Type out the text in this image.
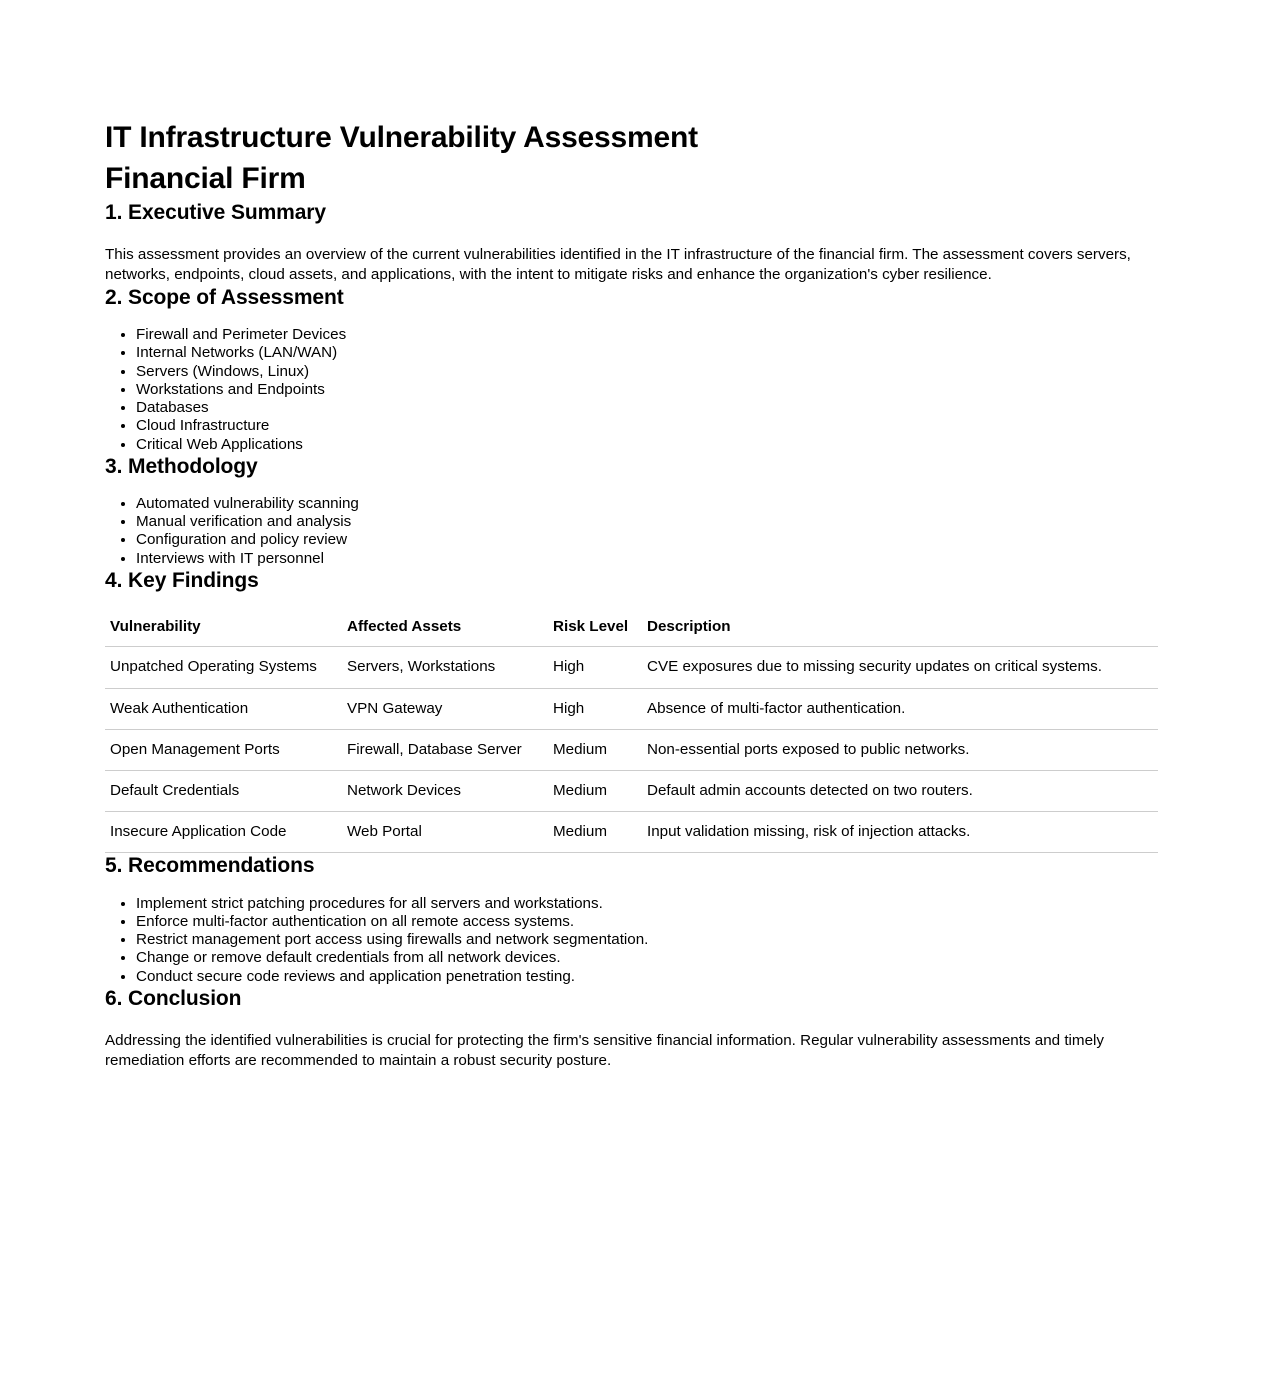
IT Infrastructure Vulnerability Assessment
Financial Firm
1. Executive Summary

This assessment provides an overview of the current vulnerabilities identified in the IT infrastructure of the financial firm. The assessment covers servers, networks, endpoints, cloud assets, and applications, with the intent to mitigate risks and enhance the organization's cyber resilience.

2. Scope of Assessment
• Firewall and Perimeter Devices
• Internal Networks (LAN/WAN)
• Servers (Windows, Linux)
• Workstations and Endpoints
• Databases
• Cloud Infrastructure
• Critical Web Applications
3. Methodology
• Automated vulnerability scanning
• Manual verification and analysis
• Configuration and policy review
• Interviews with IT personnel
4. Key Findings
Vulnerability	Affected Assets	Risk Level	Description
Unpatched Operating Systems	Servers, Workstations	High	CVE exposures due to missing security updates on critical systems.
Weak Authentication	VPN Gateway	High	Absence of multi-factor authentication.
Open Management Ports	Firewall, Database Server	Medium	Non-essential ports exposed to public networks.
Default Credentials	Network Devices	Medium	Default admin accounts detected on two routers.
Insecure Application Code	Web Portal	Medium	Input validation missing, risk of injection attacks.
5. Recommendations
• Implement strict patching procedures for all servers and workstations.
• Enforce multi-factor authentication on all remote access systems.
• Restrict management port access using firewalls and network segmentation.
• Change or remove default credentials from all network devices.
• Conduct secure code reviews and application penetration testing.
6. Conclusion

Addressing the identified vulnerabilities is crucial for protecting the firm's sensitive financial information. Regular vulnerability assessments and timely remediation efforts are recommended to maintain a robust security posture.
